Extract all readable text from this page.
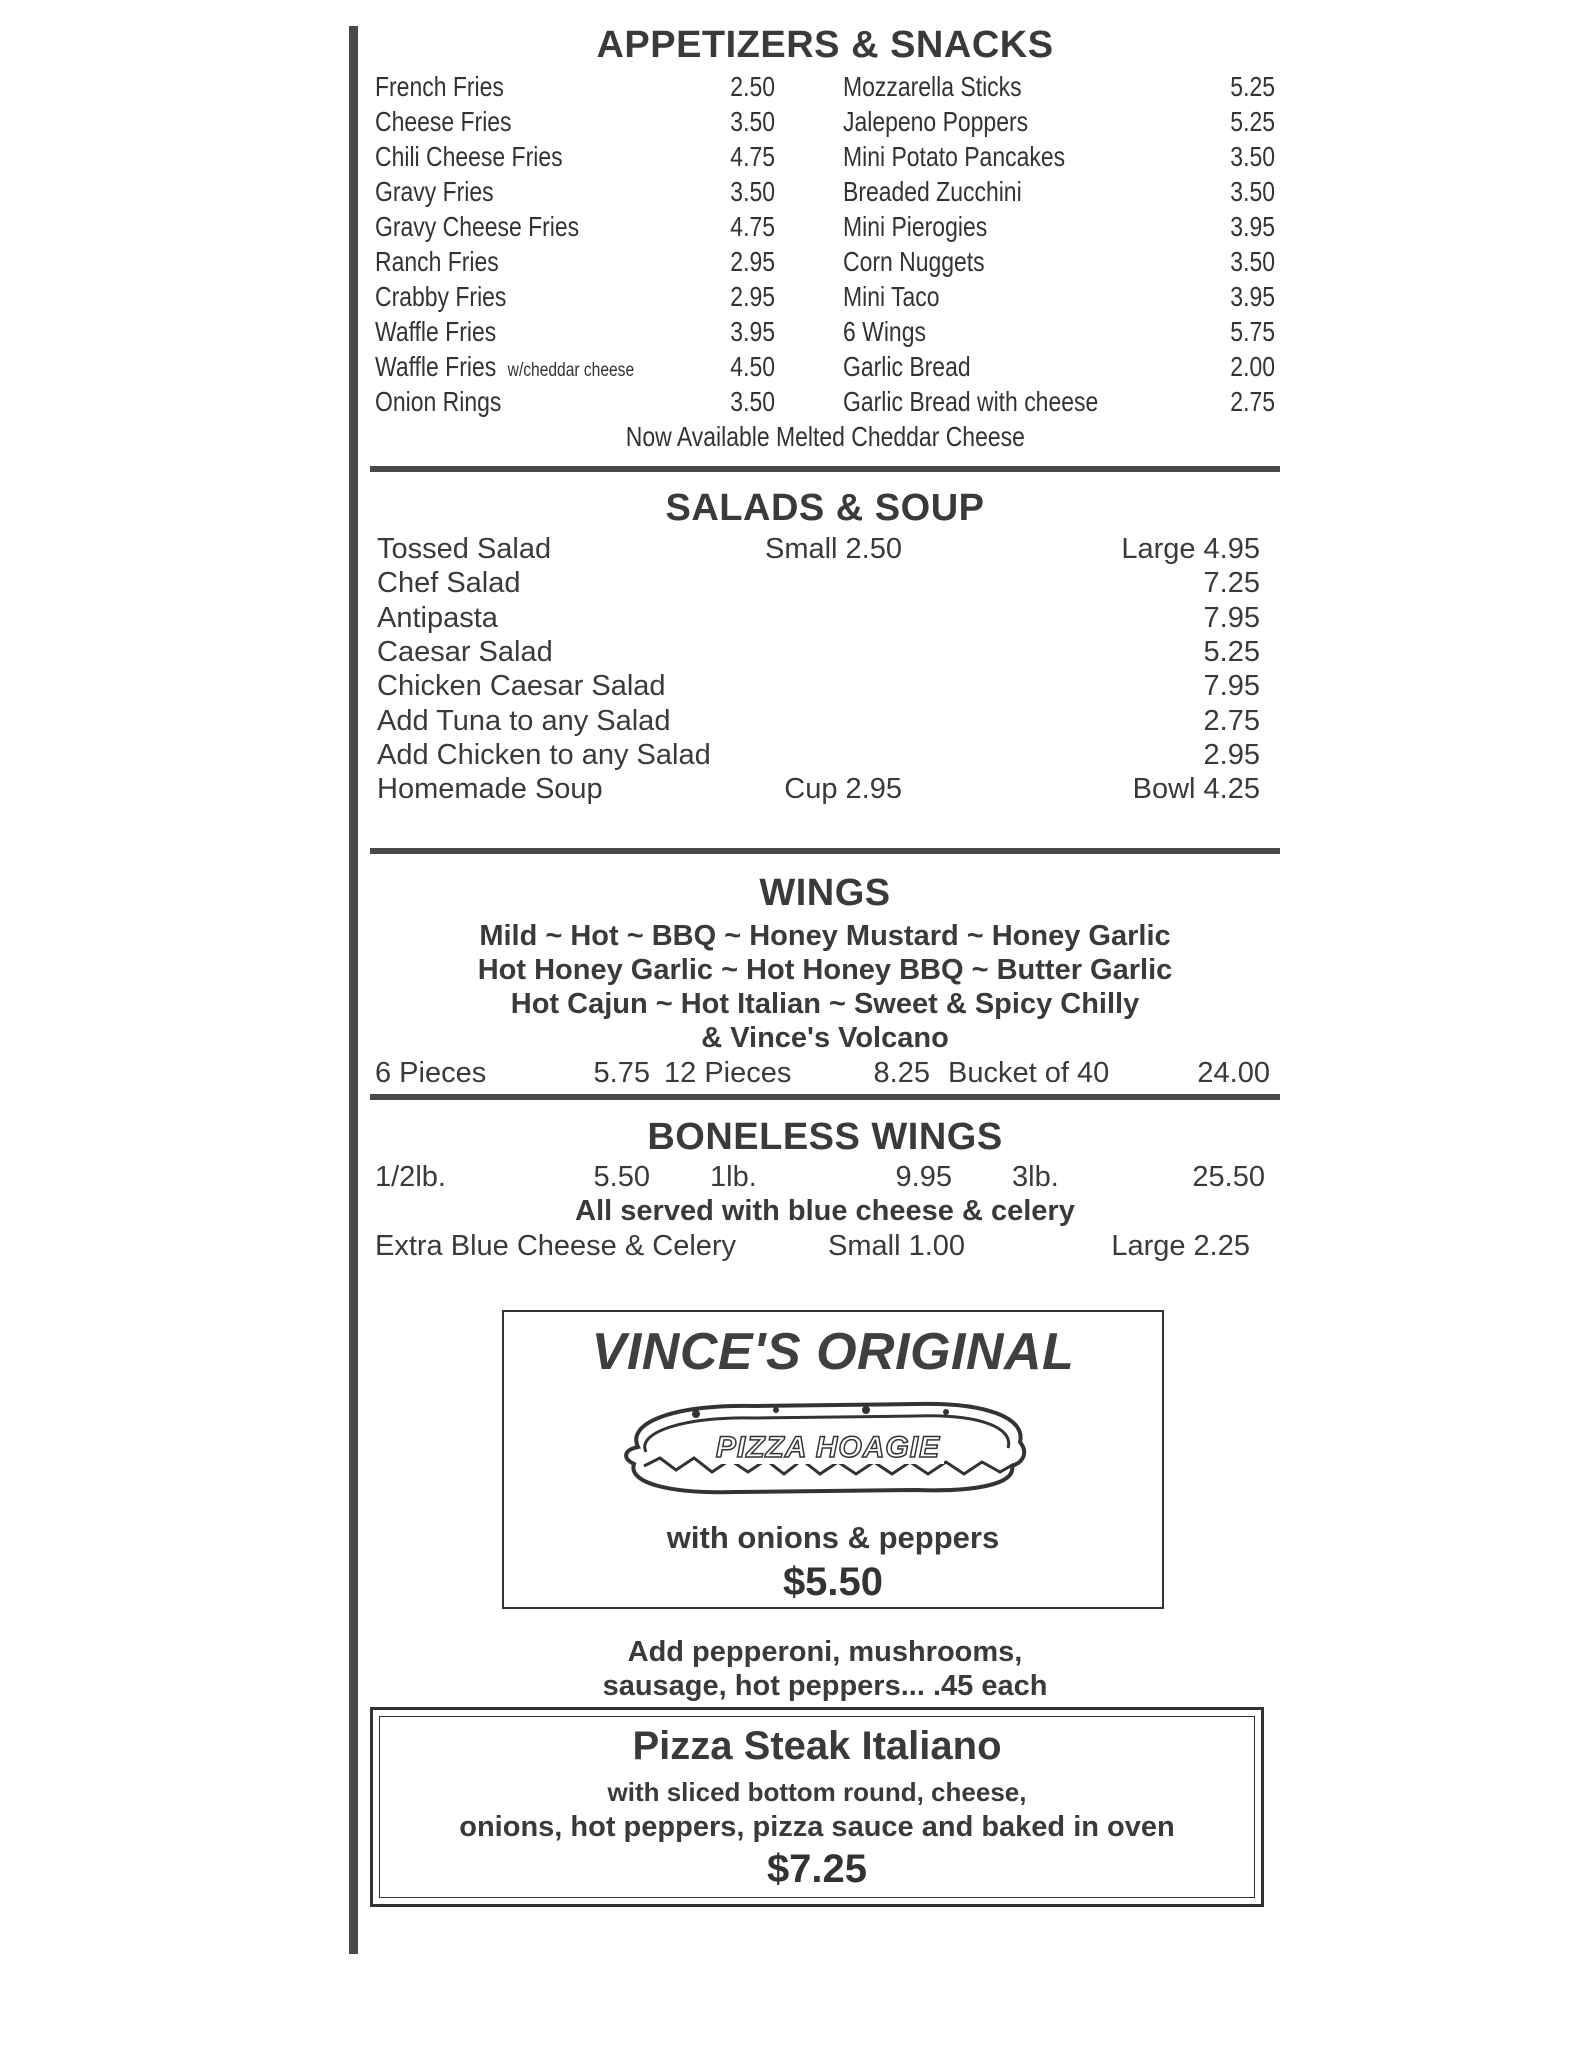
APPETIZERS & SNACKS
French Fries	2.50
Cheese Fries	3.50
Chili Cheese Fries	4.75
Gravy Fries	3.50
Gravy Cheese Fries	4.75
Ranch Fries	2.95
Crabby Fries	2.95
Waffle Fries	3.95
Waffle Fries w/cheddar cheese	4.50
Onion Rings	3.50
Mozzarella Sticks	5.25
Jalepeno Poppers	5.25
Mini Potato Pancakes	3.50
Breaded Zucchini	3.50
Mini Pierogies	3.95
Corn Nuggets	3.50
Mini Taco	3.95
6 Wings	5.75
Garlic Bread	2.00
Garlic Bread with cheese	2.75
Now Available Melted Cheddar Cheese
SALADS & SOUP
Tossed Salad	Small 2.50	Large 4.95
Chef Salad	7.25
Antipasta	7.95
Caesar Salad	5.25
Chicken Caesar Salad	7.95
Add Tuna to any Salad	2.75
Add Chicken to any Salad	2.95
Homemade Soup	Cup 2.95	Bowl 4.25
WINGS
Mild ~ Hot ~ BBQ ~ Honey Mustard ~ Honey Garlic
Hot Honey Garlic ~ Hot Honey BBQ ~ Butter Garlic
Hot Cajun ~ Hot Italian ~ Sweet & Spicy Chilly
& Vince's Volcano
6 Pieces	5.75 12 Pieces	8.25 Bucket of 40	24.00
BONELESS WINGS
1/2lb.	5.50 1lb.	9.95 3lb.	25.50
All served with blue cheese & celery
Extra Blue Cheese & Celery	Small 1.00	Large 2.25
VINCE'S ORIGINAL
PIZZA HOAGIE
with onions & peppers
$5.50
Add pepperoni, mushrooms,
sausage, hot peppers... .45 each
Pizza Steak Italiano
with sliced bottom round, cheese,
onions, hot peppers, pizza sauce and baked in oven
$7.25
